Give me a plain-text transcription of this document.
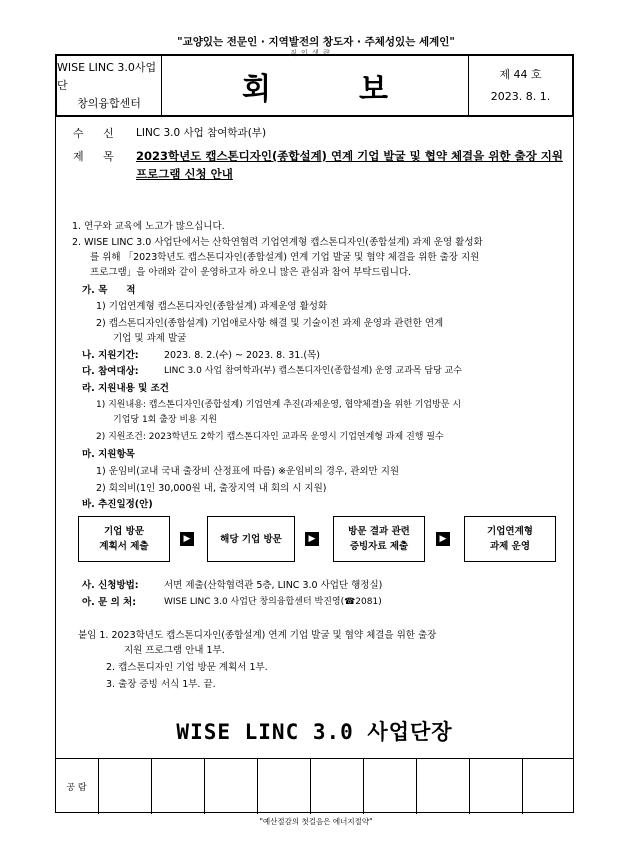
"교양있는 전문인 · 지역발전의 창도자 · 주체성있는 세계인"
직 인 생 략
WISE LINC 3.0사업단
창의융합센터	회	보	제 44 호
2023. 8. 1.
수 신 LINC 3.0 사업 참여학과(부)
제 목 2023학년도 캡스톤디자인(종합설계) 연계 기업 발굴 및 협약 체결을 위한 출장 지원 프로그램 신청 안내
1. 연구와 교육에 노고가 많으십니다.
2. WISE LINC 3.0 사업단에서는 산학연협력 기업연계형 캡스톤디자인(종합설계) 과제 운영 활성화
를 위해 「2023학년도 캡스톤디자인(종합설계) 연계 기업 발굴 및 협약 체결을 위한 출장 지원
프로그램」을 아래와 같이 운영하고자 하오니 많은 관심과 참여 부탁드립니다.
가. 목　　적
1) 기업연계형 캡스톤디자인(종합설계) 과제운영 활성화
2) 캡스톤디자인(종합설계) 기업애로사항 해결 및 기술이전 과제 운영과 관련한 연계
기업 및 과제 발굴
나. 지원기간:	2023. 8. 2.(수) ~ 2023. 8. 31.(목)
다. 참여대상:	LINC 3.0 사업 참여학과(부) 캡스톤디자인(종합설계) 운영 교과목 담당 교수
라. 지원내용 및 조건
1) 지원내용: 캡스톤디자인(종합설계) 기업연계 추진(과제운영, 협약체결)을 위한 기업방문 시
기업당 1회 출장 비용 지원
2) 지원조건: 2023학년도 2학기 캡스톤디자인 교과목 운영시 기업연계형 과제 진행 필수
마. 지원항목
1) 운임비(교내 국내 출장비 산정표에 따름) ※운임비의 경우, 관외만 지원
2) 회의비(1인 30,000원 내, 출장지역 내 회의 시 지원)
바. 추진일정(안)
기업 방문
계획서 제출
▶	해당 기업 방문	▶
방문 결과 관련
증빙자료 제출
▶
기업연계형
과제 운영
사. 신청방법:	서면 제출(산학협력관 5층, LINC 3.0 사업단 행정실)
아. 문 의 처:	WISE LINC 3.0 사업단 창의융합센터 박진영(☎2081)
붙임 1. 2023학년도 캡스톤디자인(종합설계) 연계 기업 발굴 및 협약 체결을 위한 출장
지원 프로그램 안내 1부.
2. 캡스톤디자인 기업 방문 계획서 1부.
3. 출장 증빙 서식 1부. 끝.
WISE LINC 3.0 사업단장
공 람
"예산절감의 첫걸음은 에너지절약"
